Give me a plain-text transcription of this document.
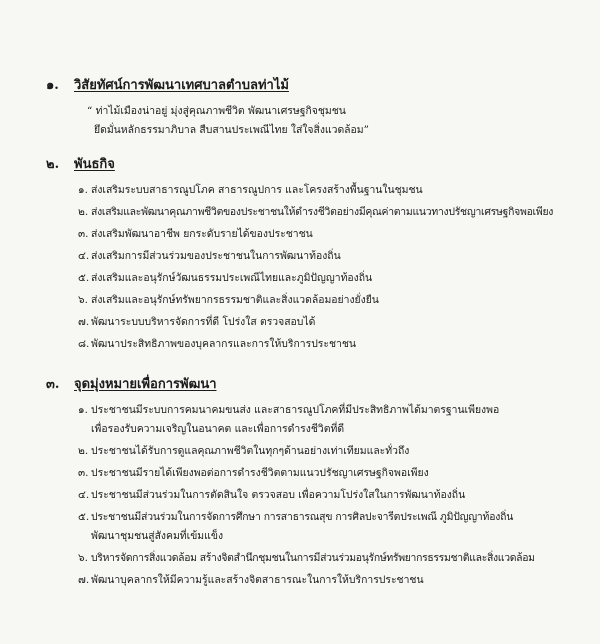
๑. วิสัยทัศน์การพัฒนาเทศบาลตำบลท่าไม้
“ ท่าไม้เมืองน่าอยู่ มุ่งสู่คุณภาพชีวิต พัฒนาเศรษฐกิจชุมชน
ยึดมั่นหลักธรรมาภิบาล สืบสานประเพณีไทย ใส่ใจสิ่งแวดล้อม”
๒. พันธกิจ
๑. ส่งเสริมระบบสาธารณูปโภค สาธารณูปการ และโครงสร้างพื้นฐานในชุมชน
๒. ส่งเสริมและพัฒนาคุณภาพชีวิตของประชาชนให้ดำรงชีวิตอย่างมีคุณค่าตามแนวทางปรัชญาเศรษฐกิจพอเพียง
๓. ส่งเสริมพัฒนาอาชีพ ยกระดับรายได้ของประชาชน
๔. ส่งเสริมการมีส่วนร่วมของประชาชนในการพัฒนาท้องถิ่น
๕. ส่งเสริมและอนุรักษ์วัฒนธรรมประเพณีไทยและภูมิปัญญาท้องถิ่น
๖. ส่งเสริมและอนุรักษ์ทรัพยากรธรรมชาติและสิ่งแวดล้อมอย่างยั่งยืน
๗. พัฒนาระบบบริหารจัดการที่ดี โปร่งใส ตรวจสอบได้
๘. พัฒนาประสิทธิภาพของบุคลากรและการให้บริการประชาชน
๓. จุดมุ่งหมายเพื่อการพัฒนา
๑. ประชาชนมีระบบการคมนาคมขนส่ง และสาธารณูปโภคที่มีประสิทธิภาพได้มาตรฐานเพียงพอ
เพื่อรองรับความเจริญในอนาคต และเพื่อการดำรงชีวิตที่ดี
๒. ประชาชนได้รับการดูแลคุณภาพชีวิตในทุกๆด้านอย่างเท่าเทียมและทั่วถึง
๓. ประชาชนมีรายได้เพียงพอต่อการดำรงชีวิตตามแนวปรัชญาเศรษฐกิจพอเพียง
๔. ประชาชนมีส่วนร่วมในการตัดสินใจ ตรวจสอบ เพื่อความโปร่งใสในการพัฒนาท้องถิ่น
๕. ประชาชนมีส่วนร่วมในการจัดการศึกษา การสาธารณสุข การศิลปะจารีตประเพณี ภูมิปัญญาท้องถิ่น
พัฒนาชุมชนสู่สังคมที่เข้มแข็ง
๖. บริหารจัดการสิ่งแวดล้อม สร้างจิตสำนึกชุมชนในการมีส่วนร่วมอนุรักษ์ทรัพยากรธรรมชาติและสิ่งแวดล้อม
๗. พัฒนาบุคลากรให้มีความรู้และสร้างจิตสาธารณะในการให้บริการประชาชน
